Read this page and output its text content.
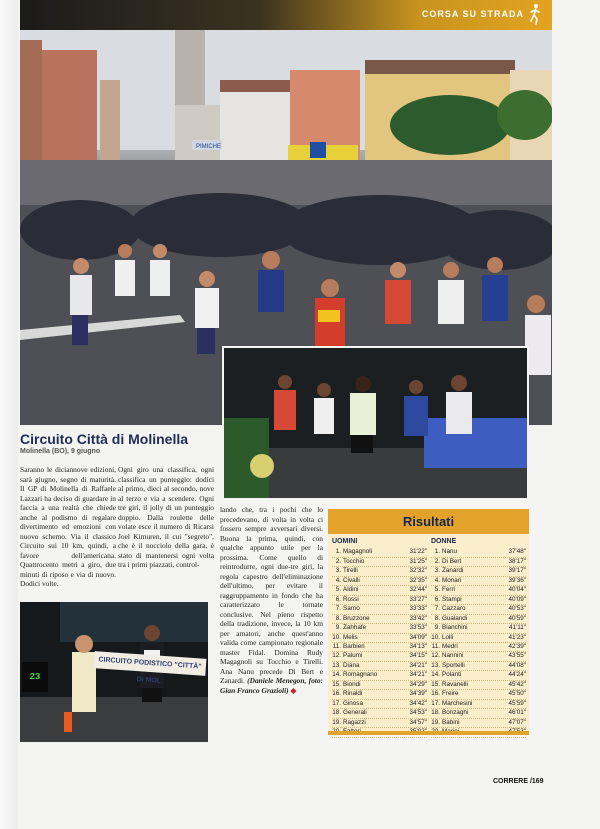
CORSA SU STRADA
PIMICHE
Circuito Città di Molinella
Molinella (BO), 9 giugno
Saranno le diciannove edizioni, sarà giugno, segno di maturità. Il GP di Molinella di Raffaele Lazzari ha deciso di guardare in faccia a una realtà che chiede anche al podismo di regalare divertimento ed emozioni con nuovo schemo. Via il classico Circuito sui 10 km, quindi, a favore dell'americana. Quattrocento metri a giro, due minuti di riposo e via di nuovo. Dodici volte.
Ogni giro una classifica, ogni classifica un punteggio: dodici al primo, dieci al secondo, nove al terzo e via a scendere. Ogni tre giri, il jolly di un punteggio doppio. Dalla roulette delle volate esce il numero di Ricarsi Joel Kimuren, il cui "segreto", che è il nocciolo della gara, è stato di mantenersi ogni volta tra i primi piazzati, control-
lando che, tra i pochi che lo precedevano, di volta in volta ci fossero sempre avversari diversi. Buona la prima, quindi, con qualche appunto utile per la prossima. Come quello di reintrodurre, ogni due-tre giri, la regola capestro dell'eliminazione dell'ultimo, per evitare il raggruppamento in fondo che ha caratterizzato le tornate conclusive. Nel pieno rispetto della tradizione, invece, la 10 km per amatori, anche quest'anno valida come campionato regionale master Fidal. Domina Rudy Magagnoli su Tocchio e Tirelli. Ana Nanu precede Di Bert e Zanardi. (Daniele Menegon, foto: Gian Franco Grazioli) ◆
23
CIRCUITO PODISTICO "CITTÀ" DI MOL
Risultati
UOMINI
1. Magagnoli	31'22"
2. Tocchio	31'25"
3. Tirelli	32'32"
4. Civalli	32'35"
5. Aldini	32'44"
6. Rossi	33'27"
7. Sarno	33'33"
8. Bruzzone	33'42"
9. Zahhafe	33'53"
10. Melis	34'09"
11. Barbieri	34'13"
12. Palumi	34'15"
13. Diana	34'21"
14. Romagnano	34'21"
15. Biondi	34'29"
16. Rinaldi	34'39"
17. Ginosa	34'42"
18. Generali	34'53"
19. Ragazzi	34'57"
DONNE
1. Nanu	37'48"
2. Di Bert	38'17"
3. Zanardi	39'17"
4. Monari	39'36"
5. Ferri	40'04"
6. Stampi	40'09"
7. Cazzaro	40'53"
8. Gualandi	40'59"
9. Bianchini	41'11"
10. Lolli	41'23"
11. Medri	42'39"
12. Nannini	43'55"
13. Sportelli	44'08"
14. Polanti	44'24"
15. Ravanelli	45'42"
16. Freire	45'50"
17. Marchesini	45'59"
18. Bonzaghi	46'01"
19. Babini	47'07"
CORRERE /169
